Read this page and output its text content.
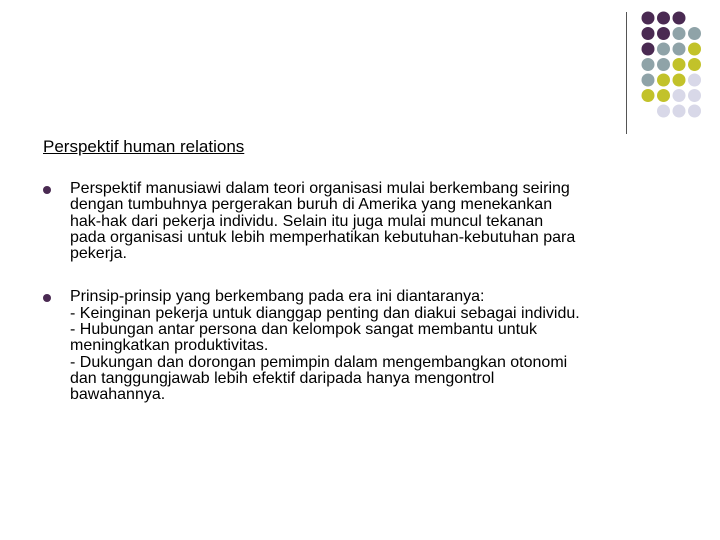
Perspektif human relations
Perspektif manusiawi dalam teori organisasi mulai berkembang seiring
dengan tumbuhnya pergerakan buruh di Amerika yang menekankan
hak-hak dari pekerja individu. Selain itu juga mulai muncul tekanan
pada organisasi untuk lebih memperhatikan kebutuhan-kebutuhan para
pekerja.
Prinsip-prinsip yang berkembang pada era ini diantaranya:
- Keinginan pekerja untuk dianggap penting dan diakui sebagai individu.
- Hubungan antar persona dan kelompok sangat membantu untuk
meningkatkan produktivitas.
- Dukungan dan dorongan pemimpin dalam mengembangkan otonomi
dan tanggungjawab lebih efektif daripada hanya mengontrol
bawahannya.
